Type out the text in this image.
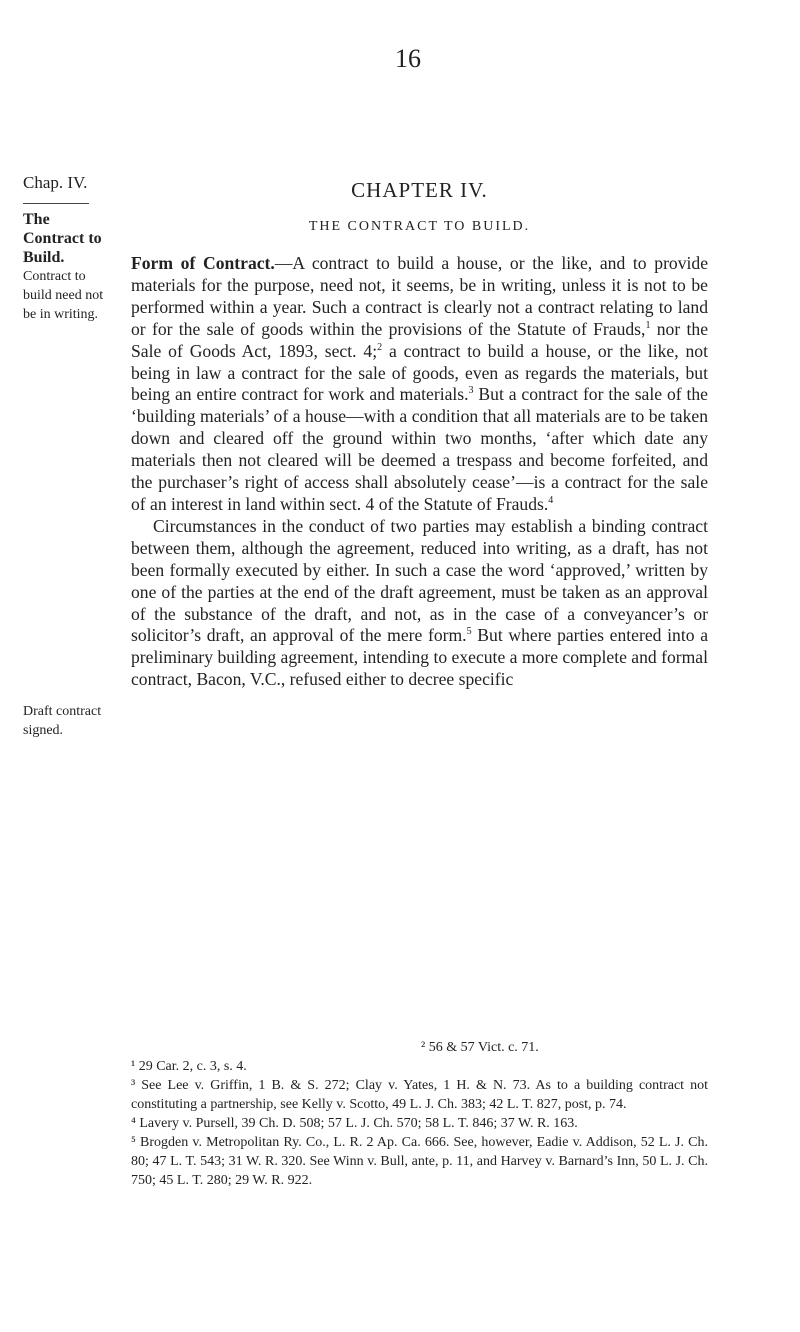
16
Chap. IV.
The Contract to Build.
Contract to build need not be in writing.
Draft contract signed.
CHAPTER IV.
THE CONTRACT TO BUILD.

Form of Contract.—A contract to build a house, or the like, and to provide materials for the purpose, need not, it seems, be in writing, unless it is not to be performed within a year. Such a contract is clearly not a contract relating to land or for the sale of goods within the provisions of the Statute of Frauds,$^1$ nor the Sale of Goods Act, 1893, sect. 4;$^2$ a contract to build a house, or the like, not being in law a contract for the sale of goods, even as regards the materials, but being an entire contract for work and materials.$^3$ But a contract for the sale of the ‘building materials’ of a house—with a condition that all materials are to be taken down and cleared off the ground within two months, ‘after which date any materials then not cleared will be deemed a trespass and become forfeited, and the purchaser’s right of access shall absolutely cease’—is a contract for the sale of an interest in land within sect. 4 of the Statute of Frauds.$^4$

Circumstances in the conduct of two parties may establish a binding contract between them, although the agreement, reduced into writing, as a draft, has not been formally executed by either. In such a case the word ‘approved,’ written by one of the parties at the end of the draft agreement, must be taken as an approval of the substance of the draft, and not, as in the case of a conveyancer’s or solicitor’s draft, an approval of the mere form.$^5$ But where parties entered into a preliminary building agreement, intending to execute a more complete and formal contract, Bacon, V.C., refused either to decree specific

² 56 & 57 Vict. c. 71.

¹ 29 Car. 2, c. 3, s. 4.

³ See Lee v. Griffin, 1 B. & S. 272; Clay v. Yates, 1 H. & N. 73. As to a building contract not constituting a partnership, see Kelly v. Scotto, 49 L. J. Ch. 383; 42 L. T. 827, post, p. 74.

⁴ Lavery v. Pursell, 39 Ch. D. 508; 57 L. J. Ch. 570; 58 L. T. 846; 37 W. R. 163.

⁵ Brogden v. Metropolitan Ry. Co., L. R. 2 Ap. Ca. 666. See, however, Eadie v. Addison, 52 L. J. Ch. 80; 47 L. T. 543; 31 W. R. 320. See Winn v. Bull, ante, p. 11, and Harvey v. Barnard’s Inn, 50 L. J. Ch. 750; 45 L. T. 280; 29 W. R. 922.
